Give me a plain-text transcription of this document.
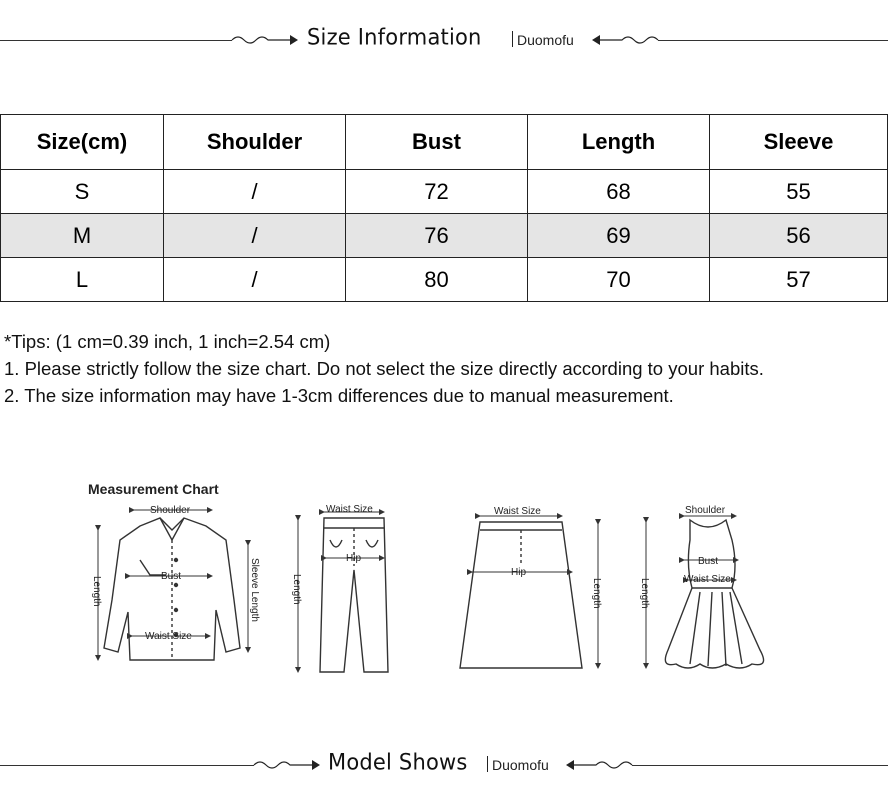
Size Information	Duomofu
Size(cm)	Shoulder	Bust	Length	Sleeve
S	/	72	68	55
M	/	76	69	56
L	/	80	70	57
*Tips: (1 cm=0.39 inch, 1 inch=2.54 cm)
1. Please strictly follow the size chart. Do not select the size directly according to your habits.
2. The size information may have 1-3cm differences due to manual measurement.
Measurement Chart
Shoulder
Bust
Waist Size
Length	Sleeve Length
Waist Size
Hip
Length
Waist Size
Hip
Length
Shoulder
Bust
Waist Size
Length
Model Shows Duomofu
